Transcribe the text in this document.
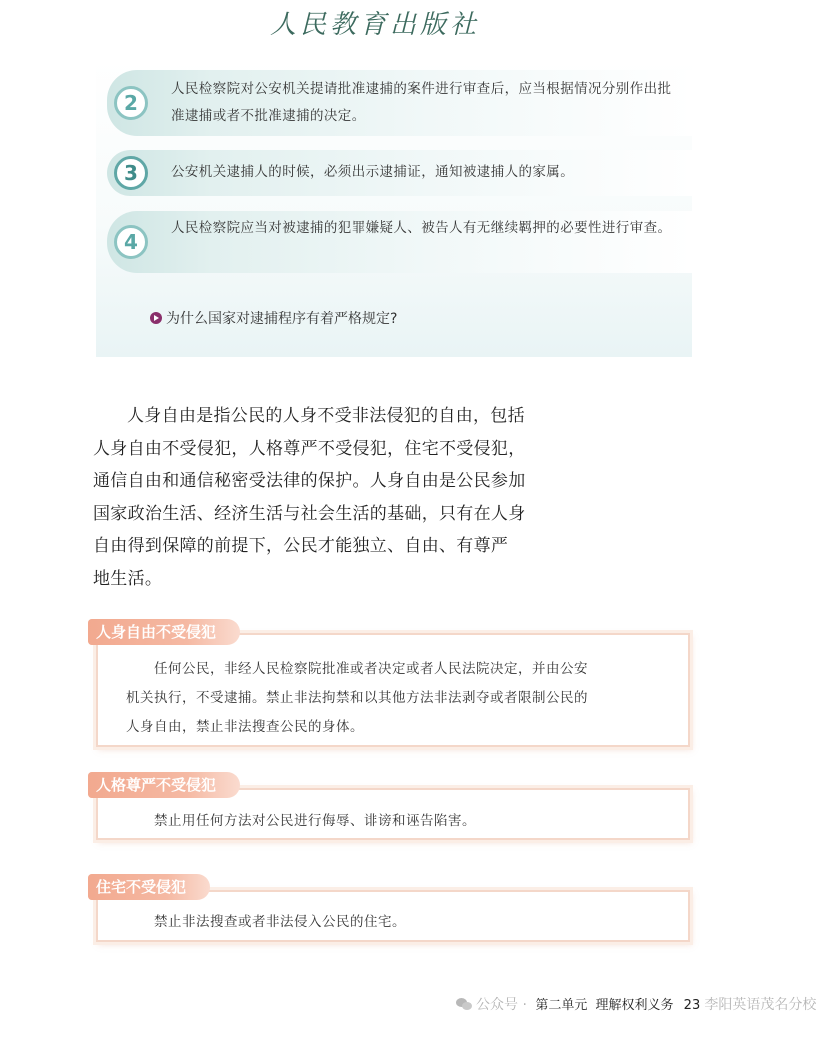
人民教育出版社
2
人民检察院对公安机关提请批准逮捕的案件进行审查后，应当根据情况分别作出批准逮捕或者不批准逮捕的决定。
3	公安机关逮捕人的时候，必须出示逮捕证，通知被逮捕人的家属。
4
人民检察院应当对被逮捕的犯罪嫌疑人、被告人有无继续羁押的必要性进行审查。
为什么国家对逮捕程序有着严格规定?
人身自由是指公民的人身不受非法侵犯的自由，包括
人身自由不受侵犯，人格尊严不受侵犯，住宅不受侵犯，
通信自由和通信秘密受法律的保护。人身自由是公民参加
国家政治生活、经济生活与社会生活的基础，只有在人身
自由得到保障的前提下，公民才能独立、自由、有尊严
地生活。
人身自由不受侵犯
任何公民，非经人民检察院批准或者决定或者人民法院决定，并由公安
机关执行，不受逮捕。禁止非法拘禁和以其他方法非法剥夺或者限制公民的
人身自由，禁止非法搜查公民的身体。
人格尊严不受侵犯
禁止用任何方法对公民进行侮辱、诽谤和诬告陷害。
住宅不受侵犯
禁止非法搜查或者非法侵入公民的住宅。
公众号 · 第二单元 理解权利义务 23 李阳英语茂名分校
